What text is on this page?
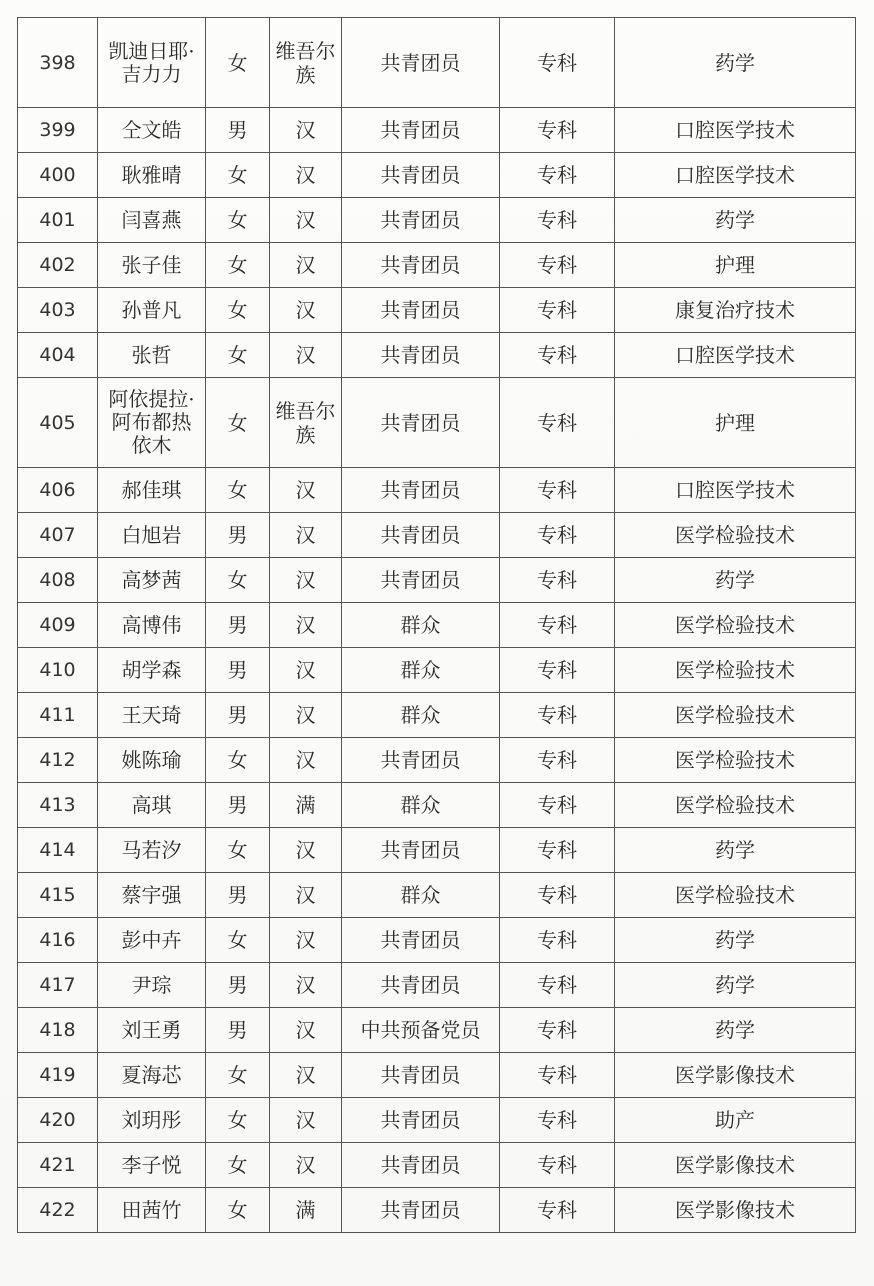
398	凯迪日耶·吉力力	女	维吾尔族	共青团员	专科	药学
399	仝文皓	男	汉	共青团员	专科	口腔医学技术
400	耿雅晴	女	汉	共青团员	专科	口腔医学技术
401	闫喜燕	女	汉	共青团员	专科	药学
402	张子佳	女	汉	共青团员	专科	护理
403	孙普凡	女	汉	共青团员	专科	康复治疗技术
404	张哲	女	汉	共青团员	专科	口腔医学技术
405	阿依提拉·阿布都热依木	女	维吾尔族	共青团员	专科	护理
406	郝佳琪	女	汉	共青团员	专科	口腔医学技术
407	白旭岩	男	汉	共青团员	专科	医学检验技术
408	高梦茜	女	汉	共青团员	专科	药学
409	高博伟	男	汉	群众	专科	医学检验技术
410	胡学森	男	汉	群众	专科	医学检验技术
411	王天琦	男	汉	群众	专科	医学检验技术
412	姚陈瑜	女	汉	共青团员	专科	医学检验技术
413	高琪	男	满	群众	专科	医学检验技术
414	马若汐	女	汉	共青团员	专科	药学
415	蔡宇强	男	汉	群众	专科	医学检验技术
416	彭中卉	女	汉	共青团员	专科	药学
417	尹琮	男	汉	共青团员	专科	药学
418	刘王勇	男	汉	中共预备党员	专科	药学
419	夏海芯	女	汉	共青团员	专科	医学影像技术
420	刘玥彤	女	汉	共青团员	专科	助产
421	李子悦	女	汉	共青团员	专科	医学影像技术
422	田茜竹	女	满	共青团员	专科	医学影像技术
